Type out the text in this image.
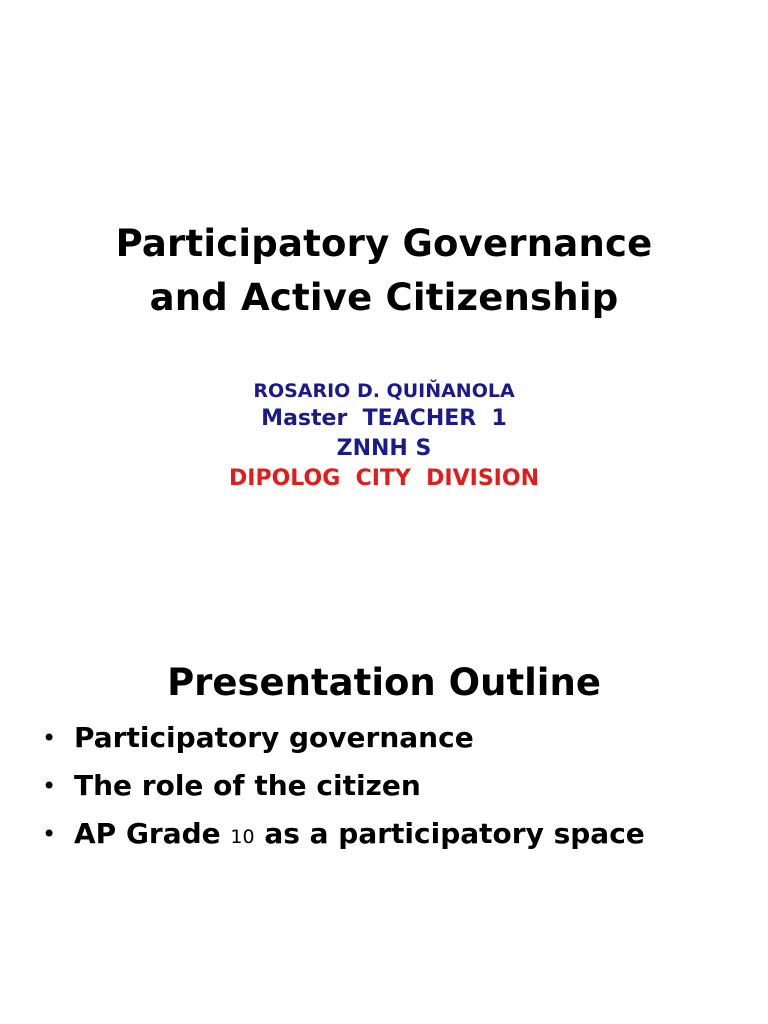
Participatory Governance
and Active Citizenship
ROSARIO D. QUIŇANOLA
Master  TEACHER  1
ZNNH S
DIPOLOG  CITY  DIVISION
Presentation Outline
• Participatory governance
• The role of the citizen
• AP Grade 10 as a participatory space
